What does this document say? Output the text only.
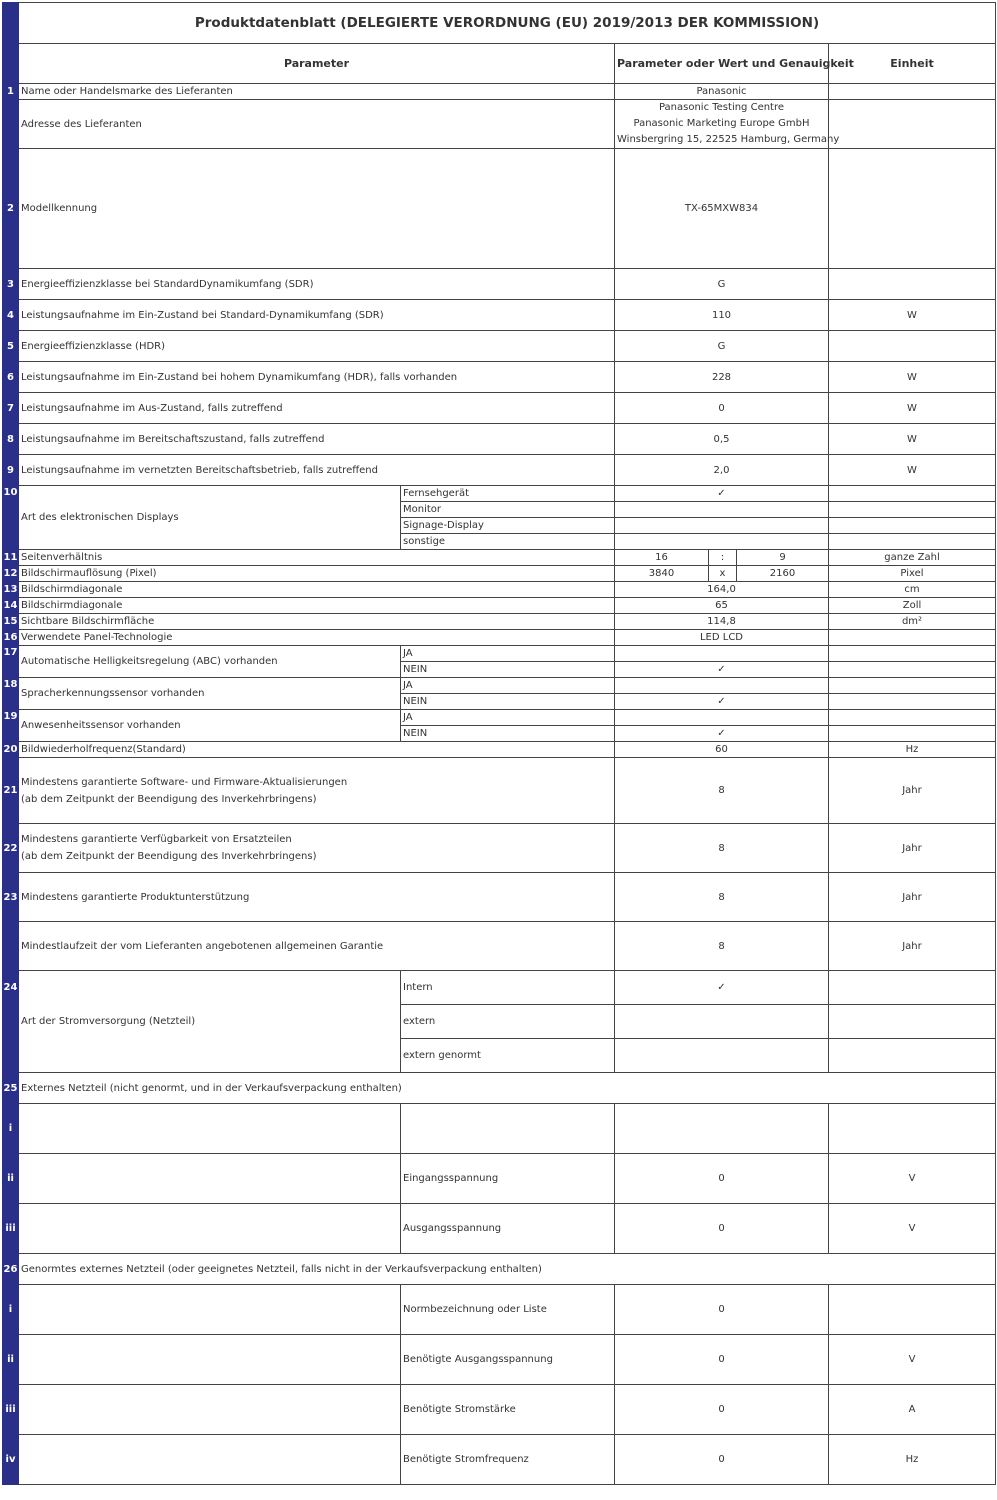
	Produktdatenblatt (DELEGIERTE VERORDNUNG (EU) 2019/2013 DER KOMMISSION)					
	Parameter		Parameter oder Wert und Genauigkeit			Einheit
1	Name oder Handelsmarke des Lieferanten		Panasonic			
	Adresse des Lieferanten		Panasonic Testing Centre
Panasonic Marketing Europe GmbH
Winsbergring 15, 22525 Hamburg, Germany			

2	Modellkennung		TX-65MXW834			
3	Energieeffizienzklasse bei StandardDynamikumfang (SDR)		G			
4	Leistungsaufnahme im Ein-Zustand bei Standard-Dynamikumfang (SDR)		110			W
5	Energieeffizienzklasse (HDR)		G			
6	Leistungsaufnahme im Ein-Zustand bei hohem Dynamikumfang (HDR), falls vorhanden		228			W
7	Leistungsaufnahme im Aus-Zustand, falls zutreffend		0			W
8	Leistungsaufnahme im Bereitschaftszustand, falls zutreffend		0,5			W
9	Leistungsaufnahme im vernetzten Bereitschaftsbetrieb, falls zutreffend		2,0			W
10	Art des elektronischen Displays	Fernsehgerät	✓			
		Monitor				
		Signage-Display				
		sonstige				
11	Seitenverhältnis		16	:	9	ganze Zahl
12	Bildschirmauflösung (Pixel)		3840	x	2160	Pixel
13	Bildschirmdiagonale		164,0			cm
14	Bildschirmdiagonale		65			Zoll
15	Sichtbare Bildschirmfläche		114,8			dm²
16	Verwendete Panel-Technologie		LED LCD			
17	Automatische Helligkeitsregelung (ABC) vorhanden	JA				
		NEIN	✓			
18	Spracherkennungssensor vorhanden	JA				
		NEIN	✓			
19	Anwesenheitssensor vorhanden	JA				
		NEIN	✓			
20	Bildwiederholfrequenz(Standard)		60			Hz
21	Mindestens garantierte Software- und Firmware-Aktualisierungen
(ab dem Zeitpunkt der Beendigung des Inverkehrbringens)		8			Jahr
22	Mindestens garantierte Verfügbarkeit von Ersatzteilen
(ab dem Zeitpunkt der Beendigung des Inverkehrbringens)		8			Jahr
23	Mindestens garantierte Produktunterstützung		8			Jahr
	Mindestlaufzeit der vom Lieferanten angebotenen allgemeinen Garantie		8			Jahr
24	Art der Stromversorgung (Netzteil)	Intern	✓			
		extern				
		extern genormt				
25	Externes Netzteil (nicht genormt, und in der Verkaufsverpackung enthalten)					
i						
ii		Eingangsspannung	0			V
iii		Ausgangsspannung	0			V
26	Genormtes externes Netzteil (oder geeignetes Netzteil, falls nicht in der Verkaufsverpackung enthalten)					
i		Normbezeichnung oder Liste	0			
ii		Benötigte Ausgangsspannung	0			V
iii		Benötigte Stromstärke	0			A
iv		Benötigte Stromfrequenz	0			Hz
